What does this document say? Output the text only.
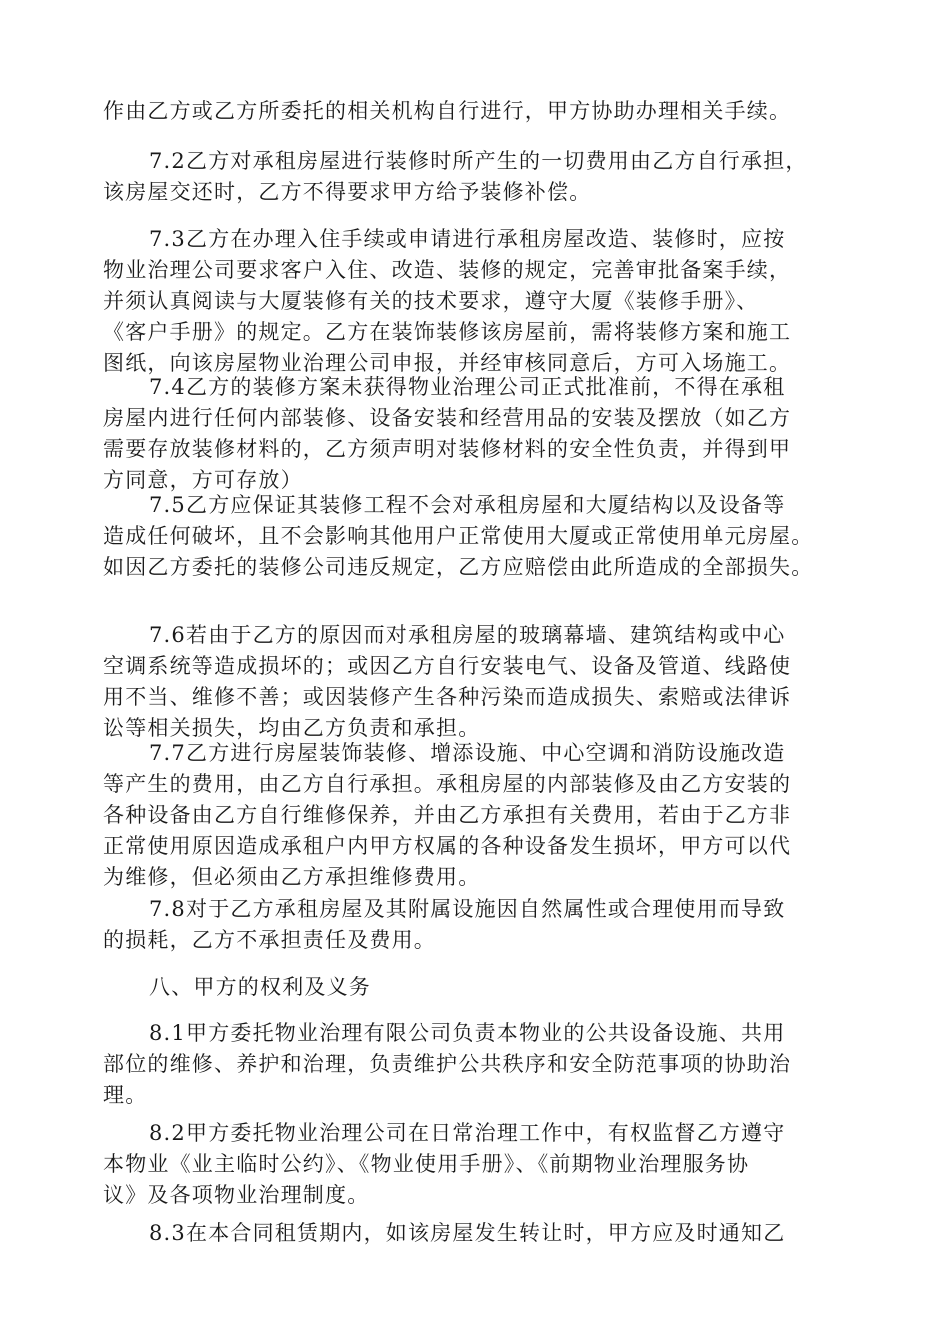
作由乙方或乙方所委托的相关机构自行进行，甲方协助办理相关手续。
7.2乙方对承租房屋进行装修时所产生的一切费用由乙方自行承担，
该房屋交还时，乙方不得要求甲方给予装修补偿。
7.3乙方在办理入住手续或申请进行承租房屋改造、装修时，应按
物业治理公司要求客户入住、改造、装修的规定，完善审批备案手续，
并须认真阅读与大厦装修有关的技术要求，遵守大厦《装修手册》、
《客户手册》的规定。乙方在装饰装修该房屋前，需将装修方案和施工
图纸，向该房屋物业治理公司申报，并经审核同意后，方可入场施工。
7.4乙方的装修方案未获得物业治理公司正式批准前，不得在承租
房屋内进行任何内部装修、设备安装和经营用品的安装及摆放（如乙方
需要存放装修材料的，乙方须声明对装修材料的安全性负责，并得到甲
方同意，方可存放）
7.5乙方应保证其装修工程不会对承租房屋和大厦结构以及设备等
造成任何破坏，且不会影响其他用户正常使用大厦或正常使用单元房屋。
如因乙方委托的装修公司违反规定，乙方应赔偿由此所造成的全部损失。
7.6若由于乙方的原因而对承租房屋的玻璃幕墙、建筑结构或中心
空调系统等造成损坏的；或因乙方自行安装电气、设备及管道、线路使
用不当、维修不善；或因装修产生各种污染而造成损失、索赔或法律诉
讼等相关损失，均由乙方负责和承担。
7.7乙方进行房屋装饰装修、增添设施、中心空调和消防设施改造
等产生的费用，由乙方自行承担。承租房屋的内部装修及由乙方安装的
各种设备由乙方自行维修保养，并由乙方承担有关费用，若由于乙方非
正常使用原因造成承租户内甲方权属的各种设备发生损坏，甲方可以代
为维修，但必须由乙方承担维修费用。
7.8对于乙方承租房屋及其附属设施因自然属性或合理使用而导致
的损耗，乙方不承担责任及费用。
八、甲方的权利及义务
8.1甲方委托物业治理有限公司负责本物业的公共设备设施、共用
部位的维修、养护和治理，负责维护公共秩序和安全防范事项的协助治
理。
8.2甲方委托物业治理公司在日常治理工作中，有权监督乙方遵守
本物业《业主临时公约》、《物业使用手册》、《前期物业治理服务协
议》及各项物业治理制度。
8.3在本合同租赁期内，如该房屋发生转让时，甲方应及时通知乙
